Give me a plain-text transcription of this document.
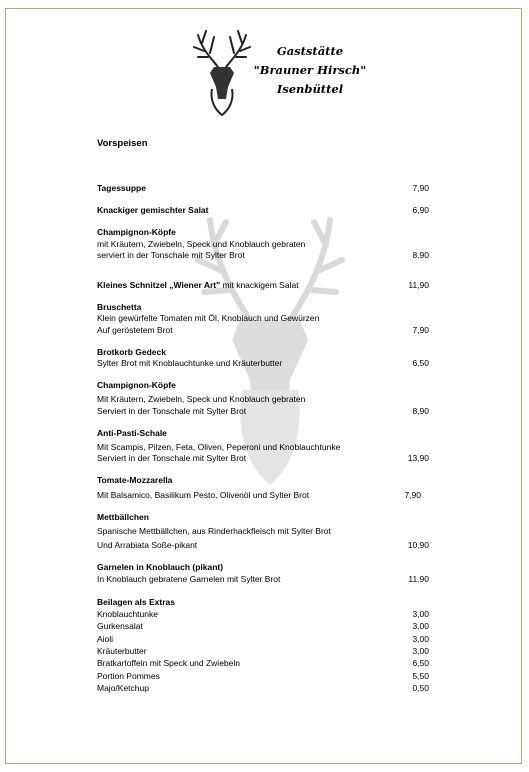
Gaststätte
"Brauner Hirsch"
Isenbüttel
Vorspeisen
Tagessuppe	7,90
Knackiger gemischter Salat	6,90
Champignon-Köpfe
mit Kräutern, Zwiebeln, Speck und Knoblauch gebraten
serviert in der Tonschale mit Sylter Brot	8,90
Kleines Schnitzel „Wiener Art" mit knackigem Salat	11,90
Bruschetta
Klein gewürfelte Tomaten mit Öl, Knoblauch und Gewürzen
Auf geröstetem Brot	7,90
Brotkorb Gedeck
Sylter Brot mit Knoblauchtunke und Kräuterbutter	6,50
Champignon-Köpfe
Mit Kräutern, Zwiebeln, Speck und Knoblauch gebraten
Serviert in der Tonschale mit Sylter Brot	8,90
Anti-Pasti-Schale
Mit Scampis, Pilzen, Feta, Oliven, Peperoni und Knoblauchtunke
Serviert in der Tonschale mit Sylter Brot	13,90
Tomate-Mozzarella
Mit Balsamico, Basilikum Pesto, Olivenöl und Sylter Brot	7,90
Mettbällchen
Spanische Mettbällchen, aus Rinderhackfleisch mit Sylter Brot
Und Arrabiata Soße-pikant	10,90
Garnelen in Knoblauch (pikant)
In Knoblauch gebratene Garnelen mit Sylter Brot	11.90
Beilagen als Extras
Knoblauchtunke	3,00
Gurkensalat	3,00
Aioli	3,00
Kräuterbutter	3,00
Bratkartoffeln mit Speck und Zwiebeln	6,50
Portion Pommes	5,50
Majo/Ketchup	0,50
